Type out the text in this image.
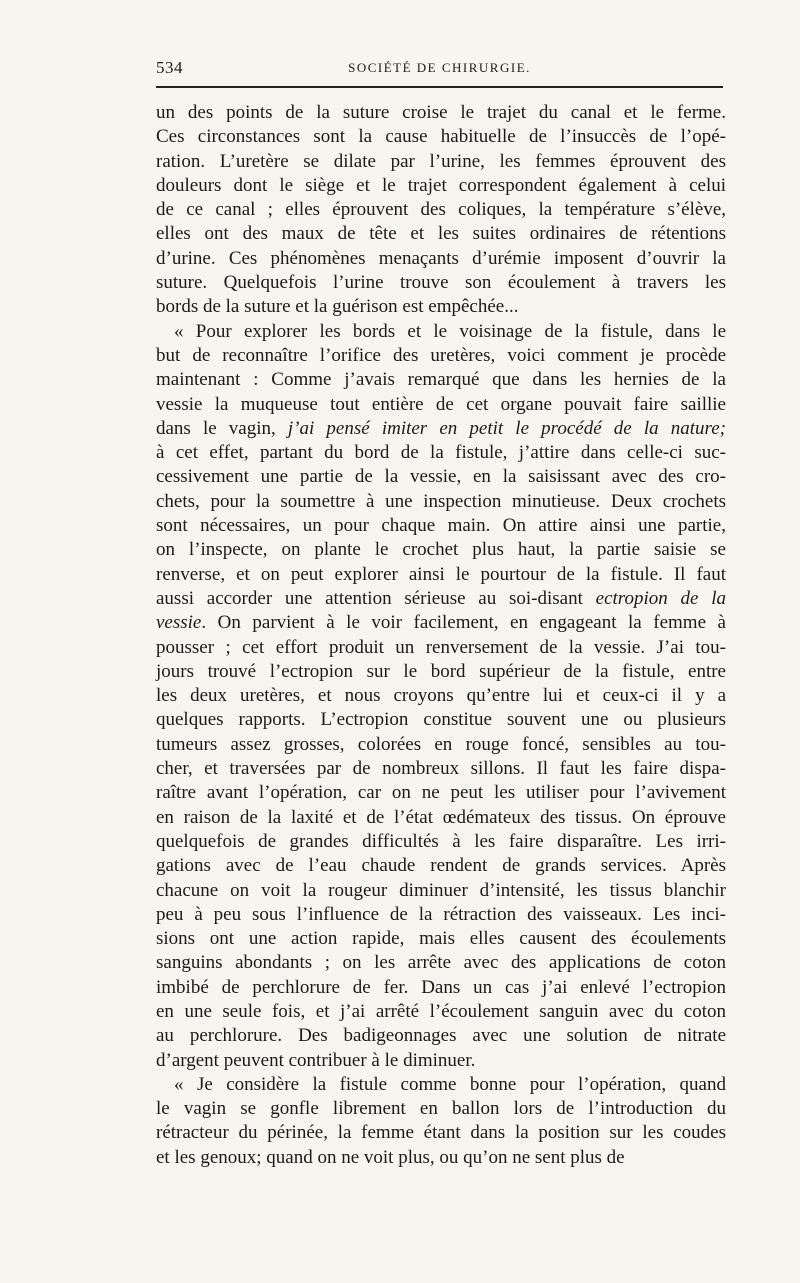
534	SOCIÉTÉ DE CHIRURGIE.
un des points de la suture croise le trajet du canal et le ferme.
Ces circonstances sont la cause habituelle de l’insuccès de l’opé-
ration. L’uretère se dilate par l’urine, les femmes éprouvent des
douleurs dont le siège et le trajet correspondent également à celui
de ce canal ; elles éprouvent des coliques, la température s’élève,
elles ont des maux de tête et les suites ordinaires de rétentions
d’urine. Ces phénomènes menaçants d’urémie imposent d’ouvrir la
suture. Quelquefois l’urine trouve son écoulement à travers les
bords de la suture et la guérison est empêchée...
« Pour explorer les bords et le voisinage de la fistule, dans le
but de reconnaître l’orifice des uretères, voici comment je procède
maintenant : Comme j’avais remarqué que dans les hernies de la
vessie la muqueuse tout entière de cet organe pouvait faire saillie
dans le vagin, j’ai pensé imiter en petit le procédé de la nature;
à cet effet, partant du bord de la fistule, j’attire dans celle-ci suc-
cessivement une partie de la vessie, en la saisissant avec des cro-
chets, pour la soumettre à une inspection minutieuse. Deux crochets
sont nécessaires, un pour chaque main. On attire ainsi une partie,
on l’inspecte, on plante le crochet plus haut, la partie saisie se
renverse, et on peut explorer ainsi le pourtour de la fistule. Il faut
aussi accorder une attention sérieuse au soi-disant ectropion de la
vessie. On parvient à le voir facilement, en engageant la femme à
pousser ; cet effort produit un renversement de la vessie. J’ai tou-
jours trouvé l’ectropion sur le bord supérieur de la fistule, entre
les deux uretères, et nous croyons qu’entre lui et ceux-ci il y a
quelques rapports. L’ectropion constitue souvent une ou plusieurs
tumeurs assez grosses, colorées en rouge foncé, sensibles au tou-
cher, et traversées par de nombreux sillons. Il faut les faire dispa-
raître avant l’opération, car on ne peut les utiliser pour l’avivement
en raison de la laxité et de l’état œdémateux des tissus. On éprouve
quelquefois de grandes difficultés à les faire disparaître. Les irri-
gations avec de l’eau chaude rendent de grands services. Après
chacune on voit la rougeur diminuer d’intensité, les tissus blanchir
peu à peu sous l’influence de la rétraction des vaisseaux. Les inci-
sions ont une action rapide, mais elles causent des écoulements
sanguins abondants ; on les arrête avec des applications de coton
imbibé de perchlorure de fer. Dans un cas j’ai enlevé l’ectropion
en une seule fois, et j’ai arrêté l’écoulement sanguin avec du coton
au perchlorure. Des badigeonnages avec une solution de nitrate
d’argent peuvent contribuer à le diminuer.
« Je considère la fistule comme bonne pour l’opération, quand
le vagin se gonfle librement en ballon lors de l’introduction du
rétracteur du périnée, la femme étant dans la position sur les coudes
et les genoux; quand on ne voit plus, ou qu’on ne sent plus de
